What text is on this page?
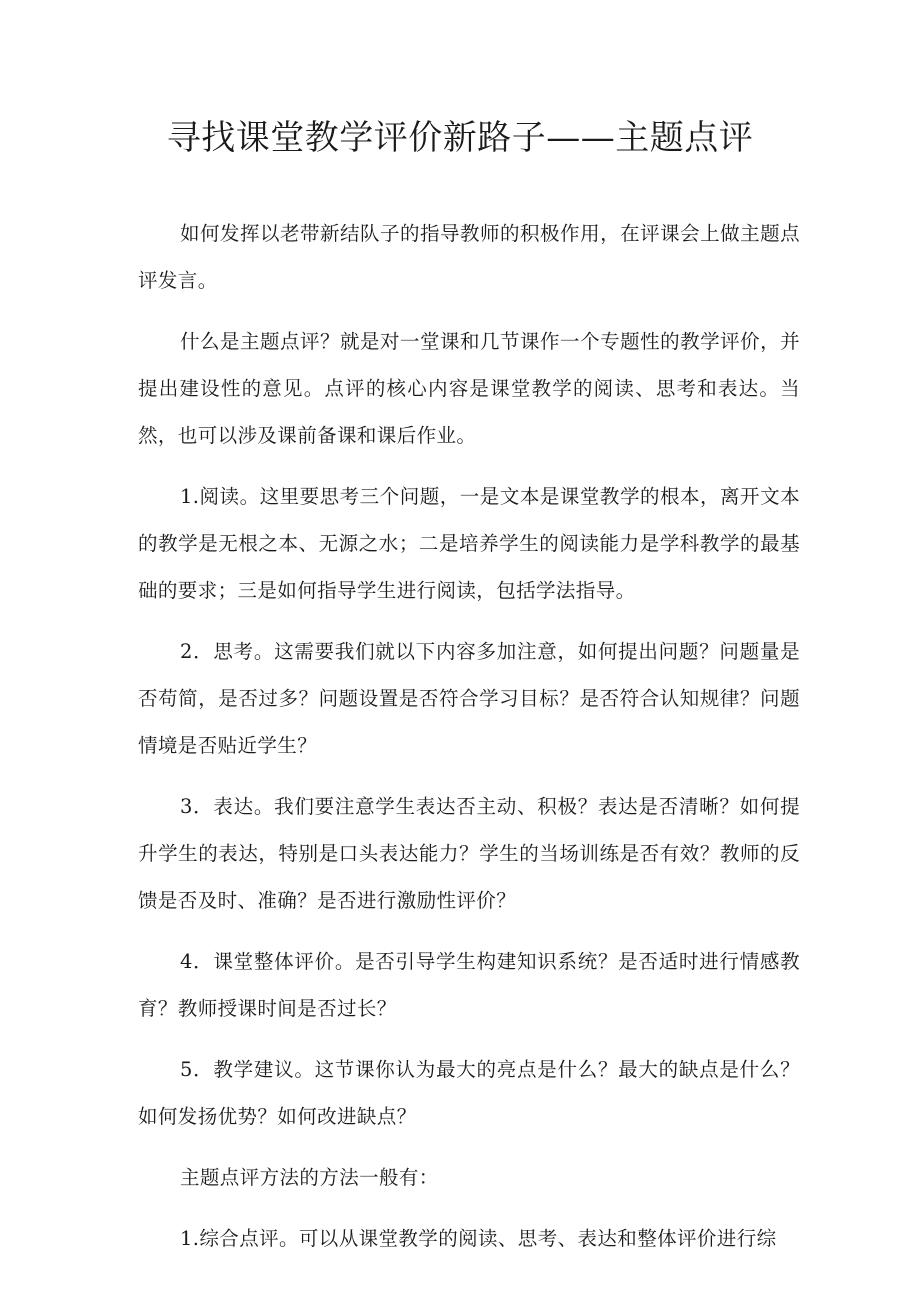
寻找课堂教学评价新路子——主题点评

如何发挥以老带新结队子的指导教师的积极作用，在评课会上做主题点评发言。

什么是主题点评？就是对一堂课和几节课作一个专题性的教学评价，并提出建设性的意见。点评的核心内容是课堂教学的阅读、思考和表达。当然，也可以涉及课前备课和课后作业。

1.阅读。这里要思考三个问题，一是文本是课堂教学的根本，离开文本的教学是无根之本、无源之水；二是培养学生的阅读能力是学科教学的最基础的要求；三是如何指导学生进行阅读，包括学法指导。

2．思考。这需要我们就以下内容多加注意，如何提出问题？问题量是否苟简，是否过多？问题设置是否符合学习目标？是否符合认知规律？问题情境是否贴近学生？

3．表达。我们要注意学生表达否主动、积极？表达是否清晰？如何提升学生的表达，特别是口头表达能力？学生的当场训练是否有效？教师的反馈是否及时、准确？是否进行激励性评价？

4．课堂整体评价。是否引导学生构建知识系统？是否适时进行情感教育？教师授课时间是否过长？

5．教学建议。这节课你认为最大的亮点是什么？最大的缺点是什么？如何发扬优势？如何改进缺点？

主题点评方法的方法一般有：

1.综合点评。可以从课堂教学的阅读、思考、表达和整体评价进行综
